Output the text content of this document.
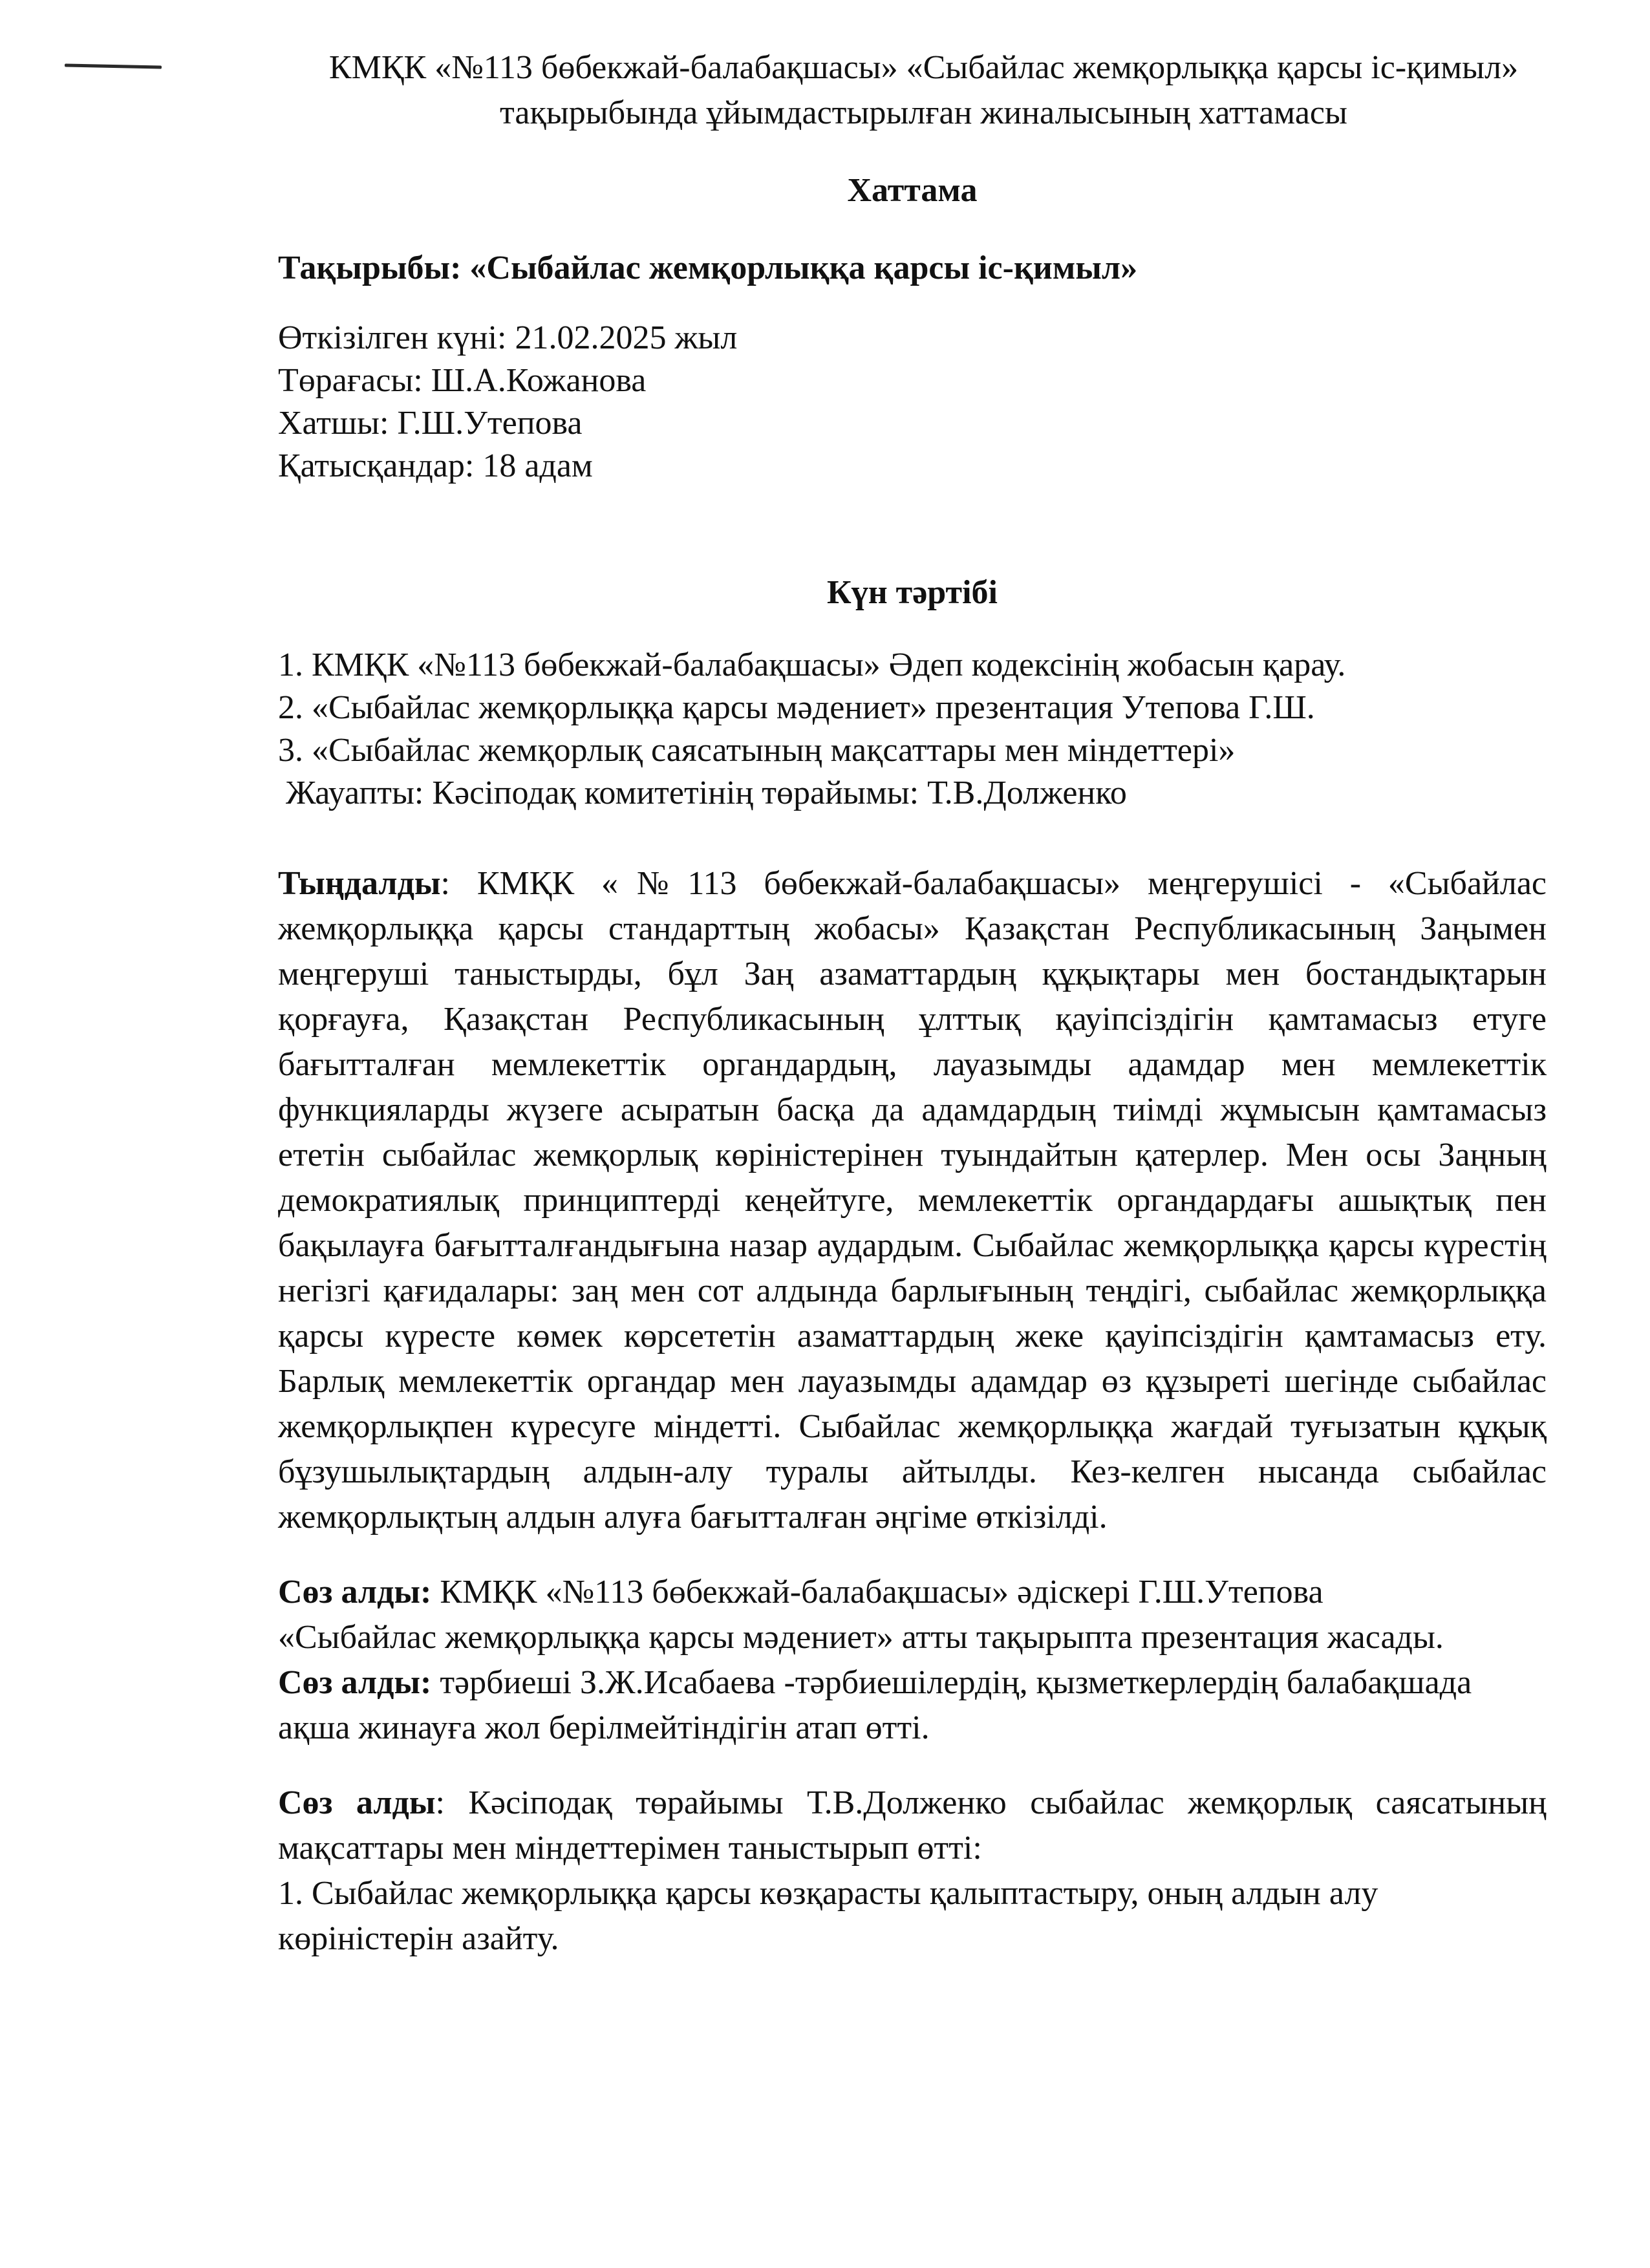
КМҚК «№113 бөбекжай-балабақшасы» «Сыбайлас жемқорлыққа қарсы іс-қимыл» тақырыбында ұйымдастырылған жиналысының хаттамасы
Хаттама
Тақырыбы: «Сыбайлас жемқорлыққа қарсы іс-қимыл»
Өткізілген күні: 21.02.2025 жыл
Төрағасы: Ш.А.Кожанова
Хатшы: Г.Ш.Утепова
Қатысқандар: 18 адам
Күн тәртібі
1. КМҚК «№113 бөбекжай-балабақшасы» Әдеп кодексінің жобасын қарау.
2. «Сыбайлас жемқорлыққа қарсы мәдениет» презентация Утепова Г.Ш.
3. «Сыбайлас жемқорлық саясатының мақсаттары мен міндеттері»
Жауапты: Кәсіподақ комитетінің төрайымы: Т.В.Долженко

Тыңдалды: КМҚК «№113 бөбекжай-балабақшасы» меңгерушісі - «Сыбайлас жемқорлыққа қарсы стандарттың жобасы» Қазақстан Республикасының Заңымен меңгеруші таныстырды, бұл Заң азаматтардың құқықтары мен бостандықтарын қорғауға, Қазақстан Республикасының ұлттық қауіпсіздігін қамтамасыз етуге бағытталған мемлекеттік органдардың, лауазымды адамдар мен мемлекеттік функцияларды жүзеге асыратын басқа да адамдардың тиімді жұмысын қамтамасыз ететін сыбайлас жемқорлық көріністерінен туындайтын қатерлер. Мен осы Заңның демократиялық принциптерді кеңейтуге, мемлекеттік органдардағы ашықтық пен бақылауға бағытталғандығына назар аудардым. Сыбайлас жемқорлыққа қарсы күрестің негізгі қағидалары: заң мен сот алдында барлығының теңдігі, сыбайлас жемқорлыққа қарсы күресте көмек көрсететін азаматтардың жеке қауіпсіздігін қамтамасыз ету. Барлық мемлекеттік органдар мен лауазымды адамдар өз құзыреті шегінде сыбайлас жемқорлықпен күресуге міндетті. Сыбайлас жемқорлыққа жағдай туғызатын құқық бұзушылықтардың алдын-алу туралы айтылды. Кез-келген нысанда сыбайлас жемқорлықтың алдын алуға бағытталған әңгіме өткізілді.

Сөз алды: КМҚК «№113 бөбекжай-балабақшасы» әдіскері Г.Ш.Утепова
«Сыбайлас жемқорлыққа қарсы мәдениет» атты тақырыпта презентация жасады.

Сөз алды: тәрбиеші З.Ж.Исабаева -тәрбиешілердің, қызметкерлердің балабақшада ақша жинауға жол берілмейтіндігін атап өтті.

Сөз алды: Кәсіподақ төрайымы Т.В.Долженко сыбайлас жемқорлық саясатының мақсаттары мен міндеттерімен таныстырып өтті:
1. Сыбайлас жемқорлыққа қарсы көзқарасты қалыптастыру, оның алдын алу көріністерін азайту.
